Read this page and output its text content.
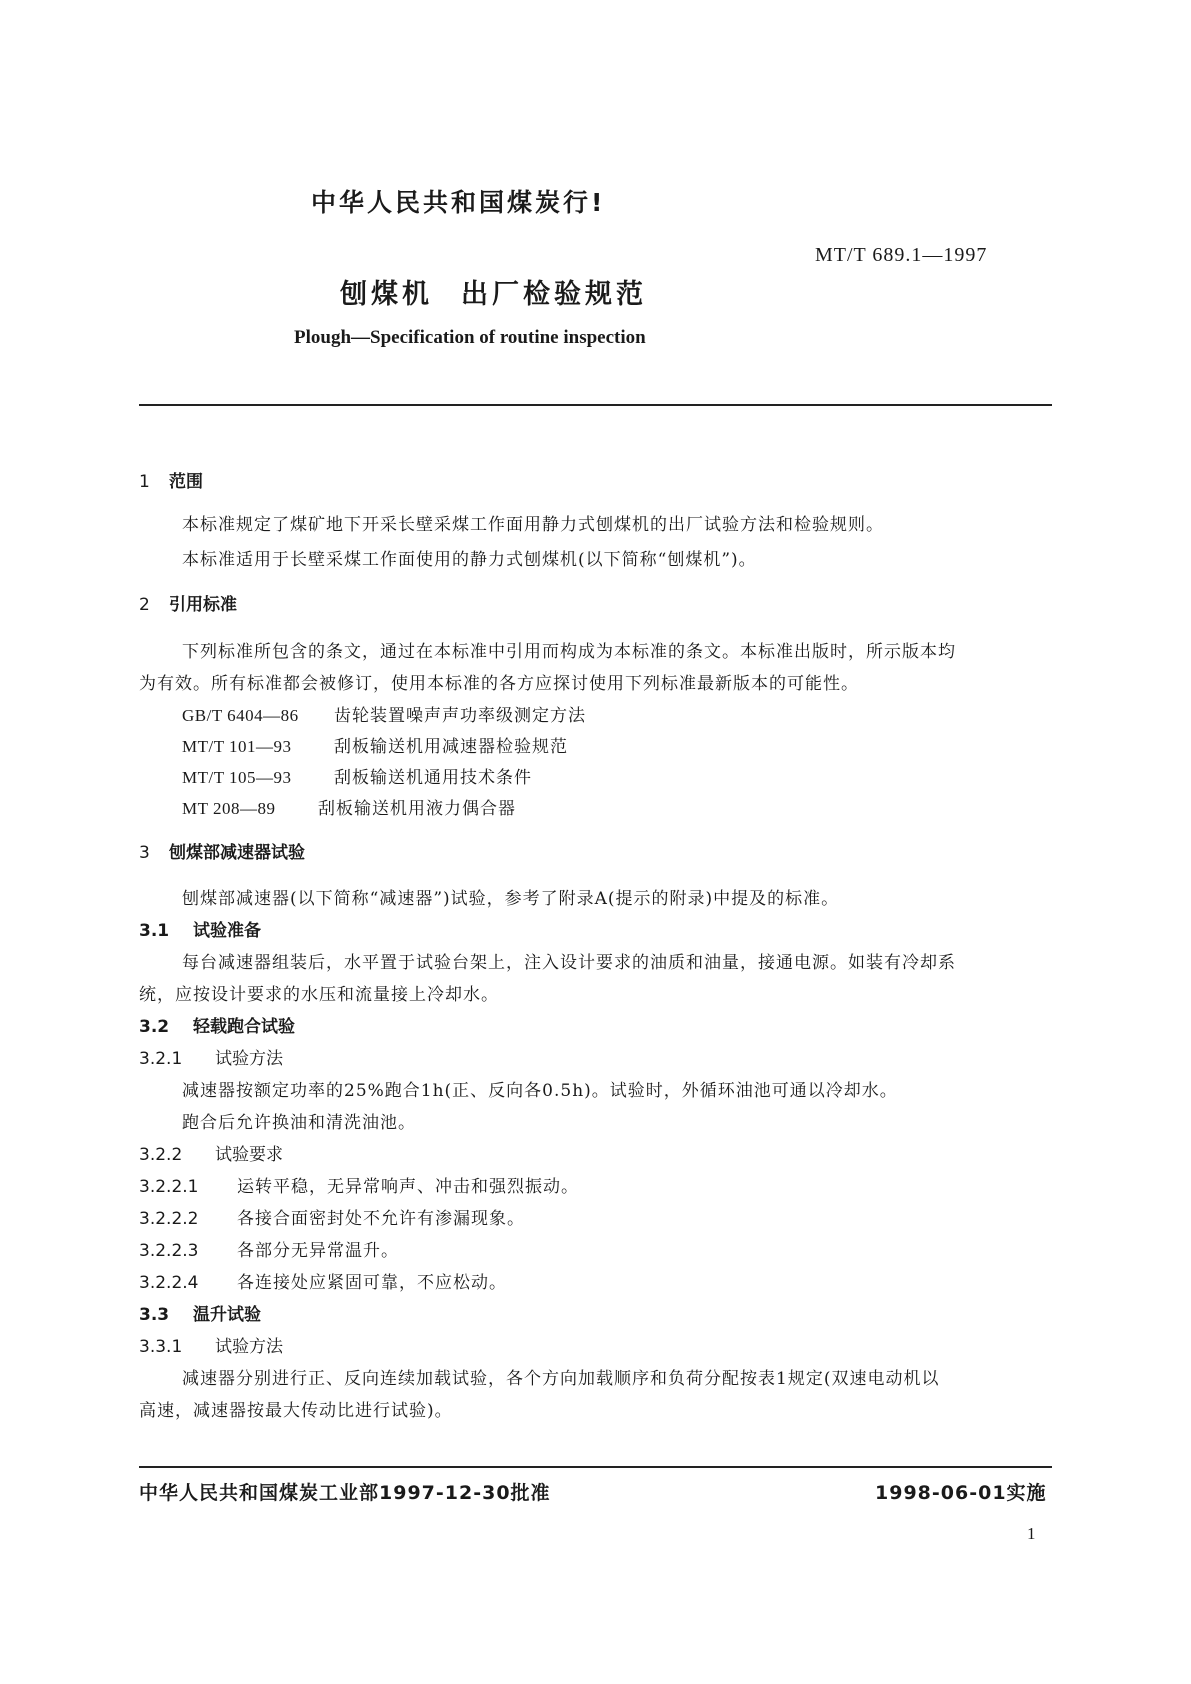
中华人民共和国煤炭行!
MT/T 689.1—1997
刨煤机 出厂检验规范
Plough—Specification of routine inspection
1 范围
本标准规定了煤矿地下开采长壁采煤工作面用静力式刨煤机的出厂试验方法和检验规则。
本标准适用于长壁采煤工作面使用的静力式刨煤机(以下简称“刨煤机”)。
2 引用标准
下列标准所包含的条文，通过在本标准中引用而构成为本标准的条文。本标准出版时，所示版本均
为有效。所有标准都会被修订，使用本标准的各方应探讨使用下列标准最新版本的可能性。
GB/T 6404—86 齿轮装置噪声声功率级测定方法
MT/T 101—93 刮板输送机用减速器检验规范
MT/T 105—93 刮板输送机通用技术条件
MT 208—89	刮板输送机用液力偶合器
3 刨煤部减速器试验
刨煤部减速器(以下简称“减速器”)试验，参考了附录A(提示的附录)中提及的标准。
3.1 试验准备
每台减速器组装后，水平置于试验台架上，注入设计要求的油质和油量，接通电源。如装有冷却系
统，应按设计要求的水压和流量接上冷却水。
3.2 轻载跑合试验
3.2.1 试验方法
减速器按额定功率的25%跑合1h(正、反向各0.5h)。试验时，外循环油池可通以冷却水。
跑合后允许换油和清洗油池。
3.2.2 试验要求
3.2.2.1 运转平稳，无异常响声、冲击和强烈振动。
3.2.2.2 各接合面密封处不允许有渗漏现象。
3.2.2.3 各部分无异常温升。
3.2.2.4 各连接处应紧固可靠，不应松动。
3.3 温升试验
3.3.1 试验方法
减速器分别进行正、反向连续加载试验，各个方向加载顺序和负荷分配按表1规定(双速电动机以
高速，减速器按最大传动比进行试验)。
中华人民共和国煤炭工业部1997-12-30批准	1998-06-01实施
1
